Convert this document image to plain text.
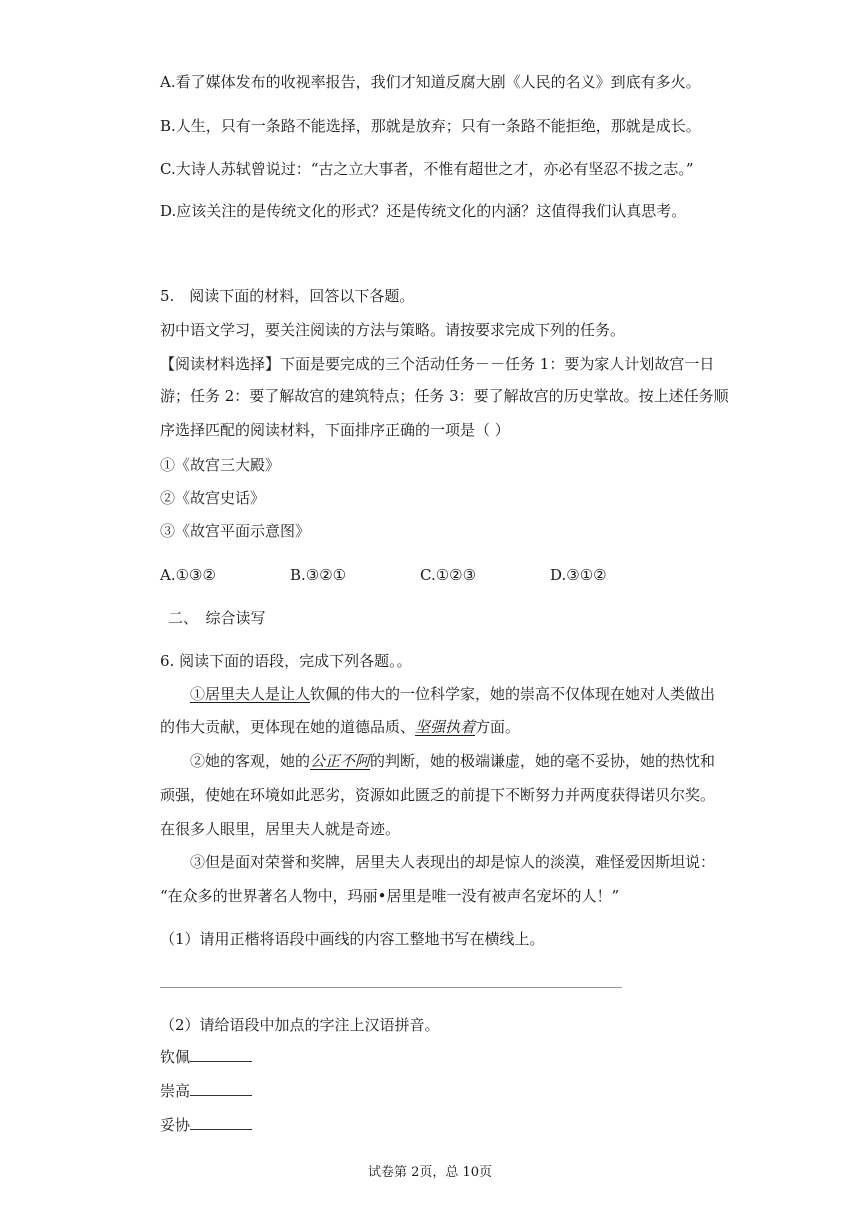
A.看了媒体发布的收视率报告，我们才知道反腐大剧《人民的名义》到底有多火。
B.人生，只有一条路不能选择，那就是放弃；只有一条路不能拒绝，那就是成长。
C.大诗人苏轼曾说过：“古之立大事者，不惟有超世之才，亦必有坚忍不拔之志。”
D.应该关注的是传统文化的形式？还是传统文化的内涵？这值得我们认真思考。
5.　阅读下面的材料，回答以下各题。
初中语文学习，要关注阅读的方法与策略。请按要求完成下列的任务。
【阅读材料选择】下面是要完成的三个活动任务－－任务 1：要为家人计划故宫一日
游；任务 2：要了解故宫的建筑特点；任务 3：要了解故宫的历史掌故。按上述任务顺
序选择匹配的阅读材料，下面排序正确的一项是（ ）
①《故宫三大殿》
②《故宫史话》
③《故宫平面示意图》
A.①③②	B.③②①	C.①②③	D.③①②
二、　综合读写
6. 阅读下面的语段，完成下列各题。。
①居里夫人是让人钦佩的伟大的一位科学家，她的崇高不仅体现在她对人类做出
的伟大贡献，更体现在她的道德品质、坚强执着方面。
②她的客观，她的公正不阿的判断，她的极端谦虚，她的毫不妥协，她的热忱和
顽强，使她在环境如此恶劣，资源如此匮乏的前提下不断努力并两度获得诺贝尔奖。
在很多人眼里，居里夫人就是奇迹。
③但是面对荣誉和奖牌，居里夫人表现出的却是惊人的淡漠，难怪爱因斯坦说：
“在众多的世界著名人物中，玛丽•居里是唯一没有被声名宠坏的人！”
（1）请用正楷将语段中画线的内容工整地书写在横线上。
（2）请给语段中加点的字注上汉语拼音。
钦佩
崇高
妥协
试卷第 2页，总 10页
